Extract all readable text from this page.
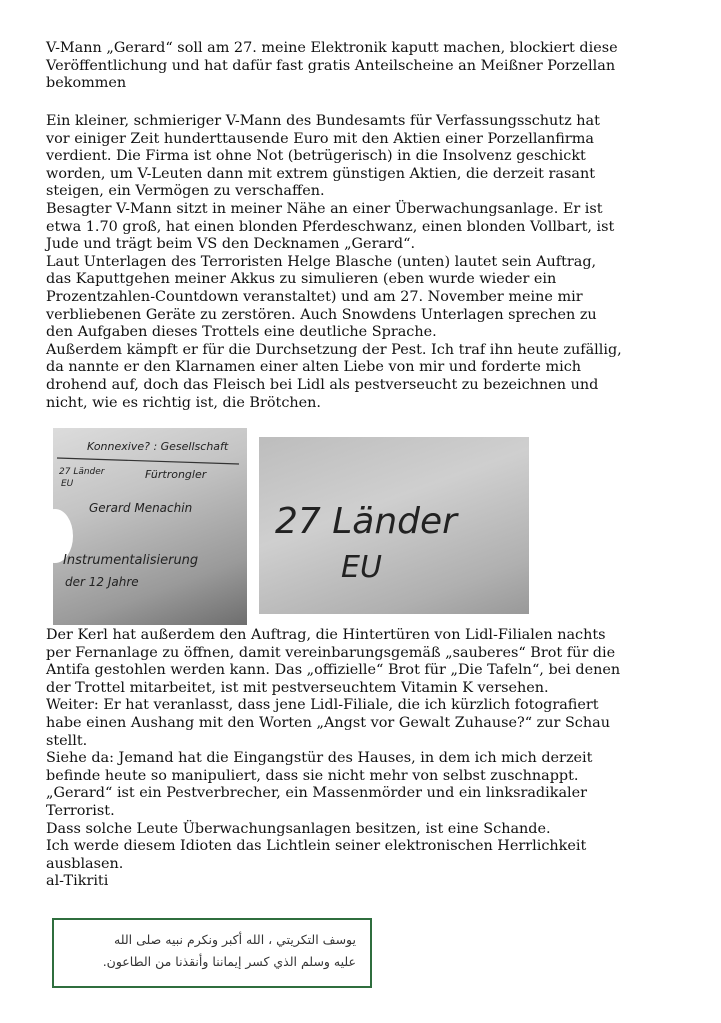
V-Mann „Gerard“ soll am 27. meine Elektronik kaputt machen, blockiert diese

Veröffentlichung und hat dafür fast gratis Anteilscheine an Meißner Porzellan

bekommen

Ein kleiner, schmieriger V-Mann des Bundesamts für Verfassungsschutz hat

vor einiger Zeit hunderttausende Euro mit den Aktien einer Porzellanfirma

verdient. Die Firma ist ohne Not (betrügerisch) in die Insolvenz geschickt

worden, um V-Leuten dann mit extrem günstigen Aktien, die derzeit rasant

steigen, ein Vermögen zu verschaffen.

Besagter V-Mann sitzt in meiner Nähe an einer Überwachungsanlage. Er ist

etwa 1.70 groß, hat einen blonden Pferdeschwanz, einen blonden Vollbart, ist

Jude und trägt beim VS den Decknamen „Gerard“.

Laut Unterlagen des Terroristen Helge Blasche (unten) lautet sein Auftrag,

das Kaputtgehen meiner Akkus zu simulieren (eben wurde wieder ein

Prozentzahlen-Countdown veranstaltet) und am 27. November meine mir

verbliebenen Geräte zu zerstören. Auch Snowdens Unterlagen sprechen zu

den Aufgaben dieses Trottels eine deutliche Sprache.

Außerdem kämpft er für die Durchsetzung der Pest. Ich traf ihn heute zufällig,

da nannte er den Klarnamen einer alten Liebe von mir und forderte mich

drohend auf, doch das Fleisch bei Lidl als pestverseucht zu bezeichnen und

nicht, wie es richtig ist, die Brötchen.

Konnexive? : Gesellschaft
27 Länder
EU
Fürtrongler
Gerard Menachin
Instrumentalisierung
der 12 Jahre
27 Länder
EU

Der Kerl hat außerdem den Auftrag, die Hintertüren von Lidl-Filialen nachts

per Fernanlage zu öffnen, damit vereinbarungsgemäß „sauberes“ Brot für die

Antifa gestohlen werden kann. Das „offizielle“ Brot für „Die Tafeln“, bei denen

der Trottel mitarbeitet, ist mit pestverseuchtem Vitamin K versehen.

Weiter: Er hat veranlasst, dass jene Lidl-Filiale, die ich kürzlich fotografiert

habe einen Aushang mit den Worten „Angst vor Gewalt Zuhause?“ zur Schau

stellt.

Siehe da: Jemand hat die Eingangstür des Hauses, in dem ich mich derzeit

befinde heute so manipuliert, dass sie nicht mehr von selbst zuschnappt.

„Gerard“ ist ein Pestverbrecher, ein Massenmörder und ein linksradikaler

Terrorist.

Dass solche Leute Überwachungsanlagen besitzen, ist eine Schande.

Ich werde diesem Idioten das Lichtlein seiner elektronischen Herrlichkeit

ausblasen.

al-Tikriti

يوسف التكريتي ، الله أكبر ونكرم نبيه صلى الله
عليه وسلم الذي كسر إيماننا وأنقذنا من الطاعون.
